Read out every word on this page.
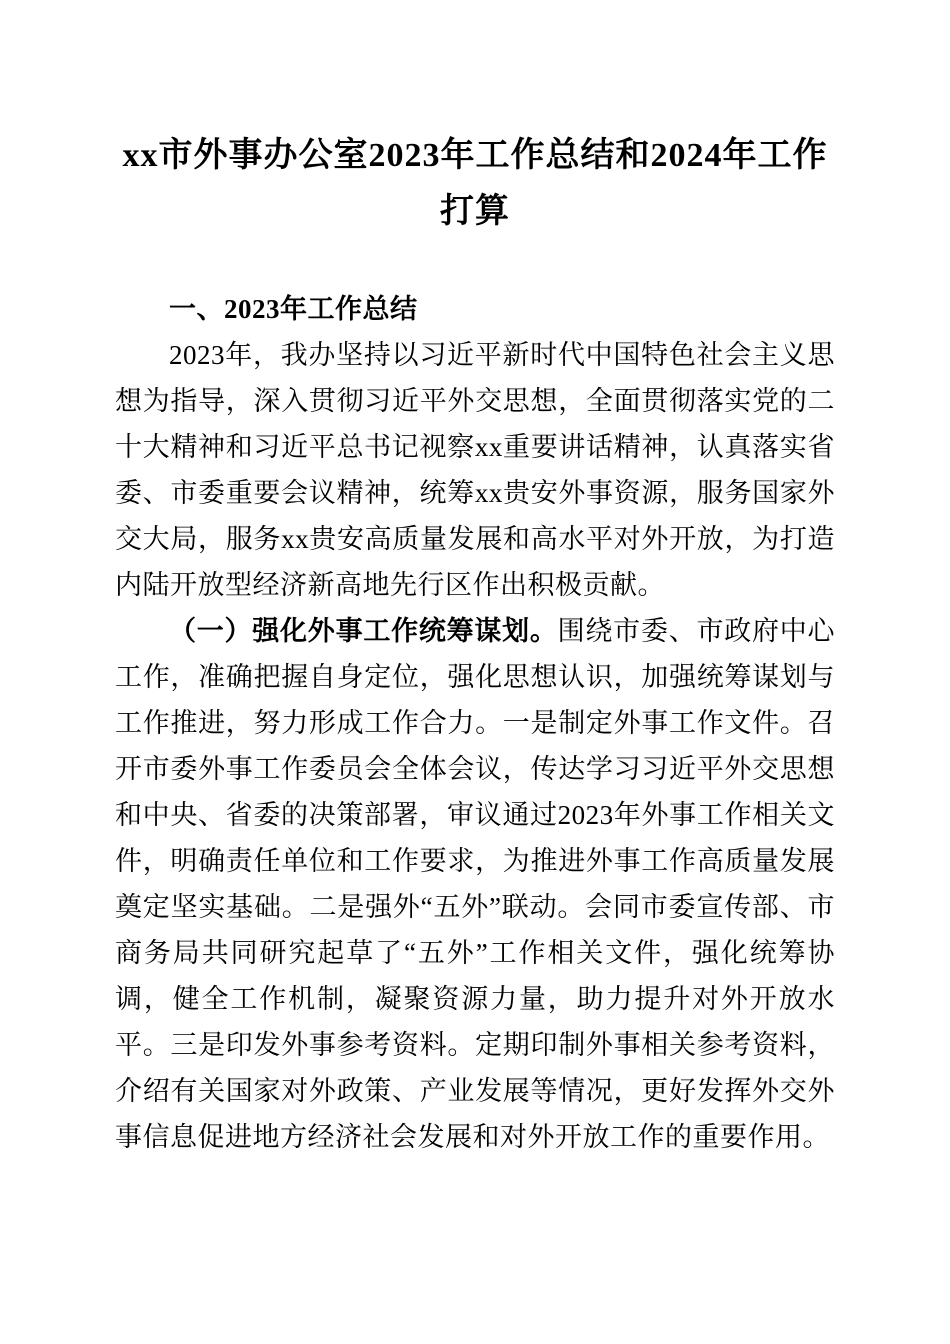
xx市外事办公室2023年工作总结和2024年工作打算
一、2023年工作总结

2023年，我办坚持以习近平新时代中国特色社会主义思想为指导，深入贯彻习近平外交思想，全面贯彻落实党的二十大精神和习近平总书记视察xx重要讲话精神，认真落实省委、市委重要会议精神，统筹xx贵安外事资源，服务国家外交大局，服务xx贵安高质量发展和高水平对外开放，为打造内陆开放型经济新高地先行区作出积极贡献。

（一）强化外事工作统筹谋划。围绕市委、市政府中心工作，准确把握自身定位，强化思想认识，加强统筹谋划与工作推进，努力形成工作合力。一是制定外事工作文件。召开市委外事工作委员会全体会议，传达学习习近平外交思想和中央、省委的决策部署，审议通过2023年外事工作相关文件，明确责任单位和工作要求，为推进外事工作高质量发展奠定坚实基础。二是强外“五外”联动。会同市委宣传部、市商务局共同研究起草了“五外”工作相关文件，强化统筹协调，健全工作机制，凝聚资源力量，助力提升对外开放水平。三是印发外事参考资料。定期印制外事相关参考资料，介绍有关国家对外政策、产业发展等情况，更好发挥外交外事信息促进地方经济社会发展和对外开放工作的重要作用。
